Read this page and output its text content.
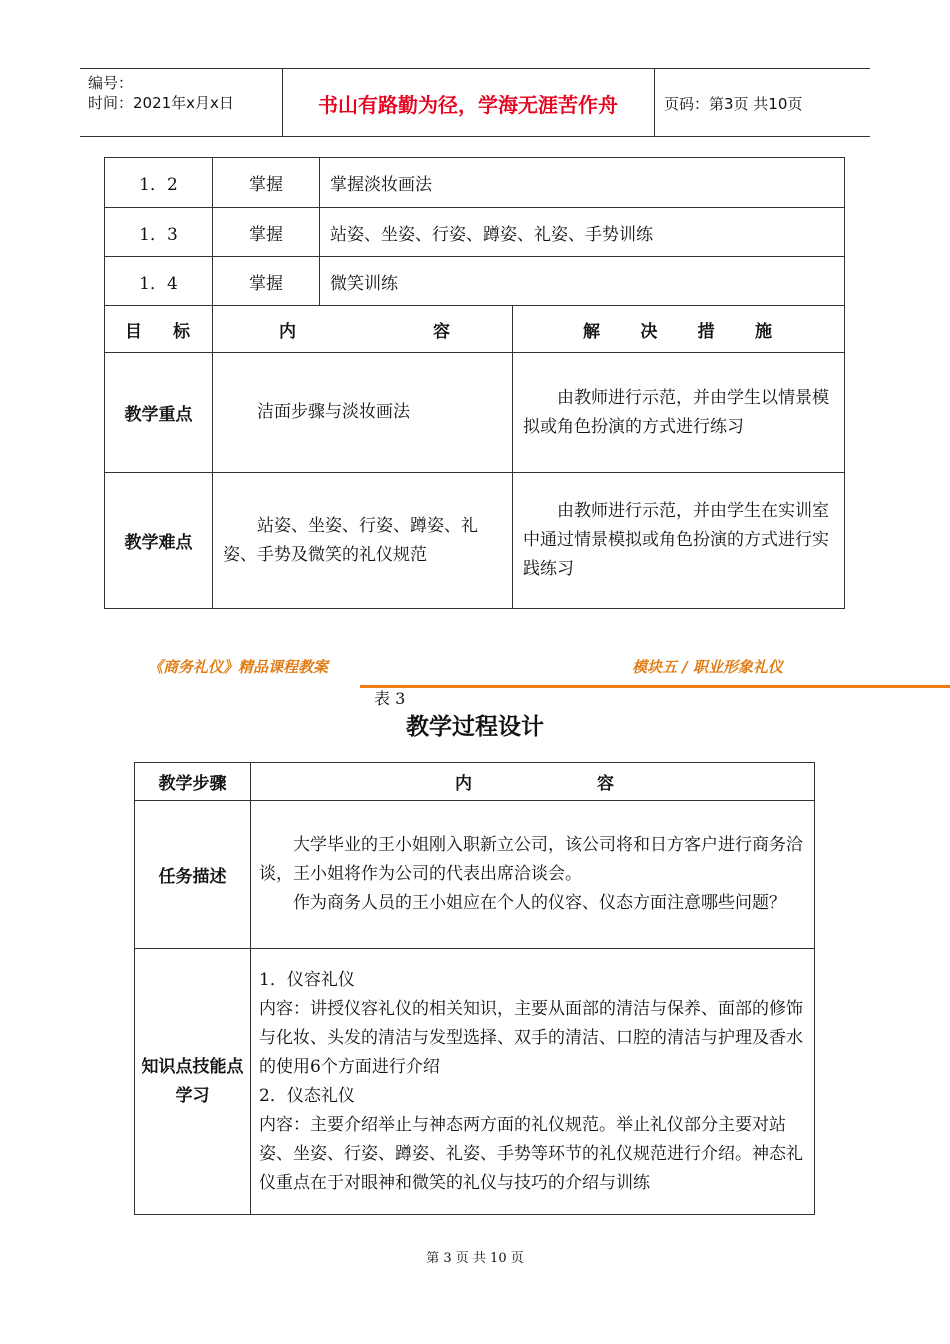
编号：
时间：2021年x月x日	书山有路勤为径，学海无涯苦作舟	页码：第3页 共10页
1．2	掌握	掌握淡妆画法
1．3	掌握	站姿、坐姿、行姿、蹲姿、礼姿、手势训练
1．4	掌握	微笑训练
目 标	内 容	解 决 措 施

教学重点	洁面步骤与淡妆画法	由教师进行示范，并由学生以情景模拟或角色扮演的方式进行练习

教学难点	站姿、坐姿、行姿、蹲姿、礼姿、手势及微笑的礼仪规范	由教师进行示范，并由学生在实训室中通过情景模拟或角色扮演的方式进行实践练习
《商务礼仪》精品课程教案	模块五 / 职业形象礼仪
表 3
教学过程设计
教学步骤	内 容

任务描述	大学毕业的王小姐刚入职新立公司，该公司将和日方客户进行商务洽谈，王小姐将作为公司的代表出席洽谈会。
作为商务人员的王小姐应在个人的仪容、仪态方面注意哪些问题？

知识点技能点学习	1．仪容礼仪
内容：讲授仪容礼仪的相关知识，主要从面部的清洁与保养、面部的修饰与化妆、头发的清洁与发型选择、双手的清洁、口腔的清洁与护理及香水的使用6个方面进行介绍
2．仪态礼仪
内容：主要介绍举止与神态两方面的礼仪规范。举止礼仪部分主要对站姿、坐姿、行姿、蹲姿、礼姿、手势等环节的礼仪规范进行介绍。神态礼仪重点在于对眼神和微笑的礼仪与技巧的介绍与训练
第 3 页 共 10 页
